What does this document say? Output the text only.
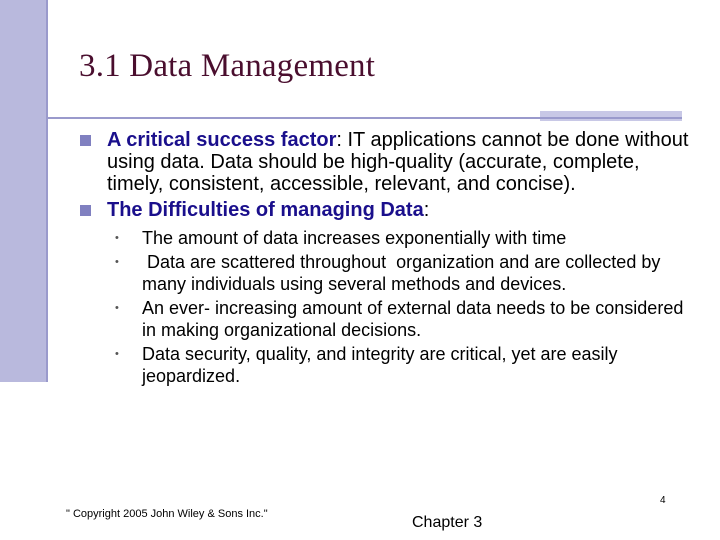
3.1 Data Management
A critical success factor: IT applications cannot be done without using data. Data should be high-quality (accurate, complete, timely, consistent, accessible, relevant, and concise).
The Difficulties of managing Data:
• The amount of data increases exponentially with time
• Data are scattered throughout  organization and are collected by many individuals using several methods and devices.
• An ever- increasing amount of external data needs to be considered in making organizational decisions.
• Data security, quality, and integrity are critical, yet are easily jeopardized.
4
" Copyright 2005 John Wiley & Sons Inc."	Chapter 3
